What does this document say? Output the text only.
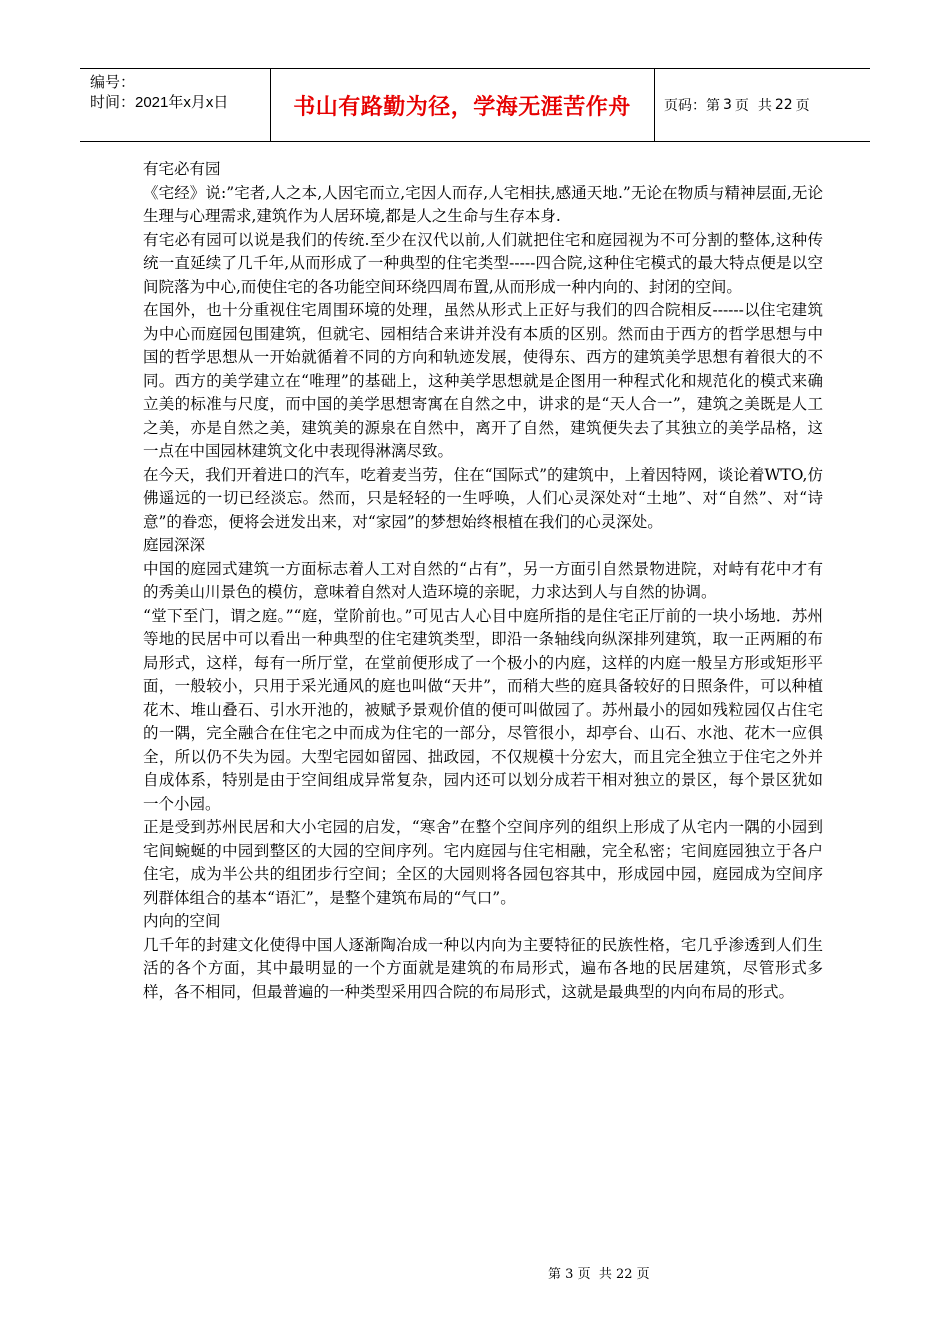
编号：
时间：2021年x月x日	书山有路勤为径，学海无涯苦作舟	页码：第 3 页  共 22 页

有宅必有园

《宅经》说:”宅者,人之本,人因宅而立,宅因人而存,人宅相扶,感通天地.”无论在物质与精神层面,无论生理与心理需求,建筑作为人居环境,都是人之生命与生存本身.

有宅必有园可以说是我们的传统.至少在汉代以前,人们就把住宅和庭园视为不可分割的整体,这种传统一直延续了几千年,从而形成了一种典型的住宅类型-----四合院,这种住宅模式的最大特点便是以空间院落为中心,而使住宅的各功能空间环绕四周布置,从而形成一种内向的、封闭的空间。

在国外，也十分重视住宅周围环境的处理，虽然从形式上正好与我们的四合院相反------以住宅建筑为中心而庭园包围建筑，但就宅、园相结合来讲并没有本质的区别。然而由于西方的哲学思想与中国的哲学思想从一开始就循着不同的方向和轨迹发展，使得东、西方的建筑美学思想有着很大的不同。西方的美学建立在“唯理”的基础上，这种美学思想就是企图用一种程式化和规范化的模式来确立美的标准与尺度，而中国的美学思想寄寓在自然之中，讲求的是“天人合一”，建筑之美既是人工之美，亦是自然之美，建筑美的源泉在自然中，离开了自然，建筑便失去了其独立的美学品格，这一点在中国园林建筑文化中表现得淋漓尽致。

在今天，我们开着进口的汽车，吃着麦当劳，住在“国际式”的建筑中，上着因特网，谈论着WTO,仿佛遥远的一切已经淡忘。然而，只是轻轻的一生呼唤，人们心灵深处对“土地”、对“自然”、对“诗意”的眷恋，便将会迸发出来，对“家园”的梦想始终根植在我们的心灵深处。

庭园深深

中国的庭园式建筑一方面标志着人工对自然的“占有”，另一方面引自然景物进院，对峙有花中才有的秀美山川景色的模仿，意味着自然对人造环境的亲昵，力求达到人与自然的协调。

“堂下至门，谓之庭。”“庭，堂阶前也。”可见古人心目中庭所指的是住宅正厅前的一块小场地．苏州等地的民居中可以看出一种典型的住宅建筑类型，即沿一条轴线向纵深排列建筑，取一正两厢的布局形式，这样，每有一所厅堂，在堂前便形成了一个极小的内庭，这样的内庭一般呈方形或矩形平面，一般较小，只用于采光通风的庭也叫做“天井”，而稍大些的庭具备较好的日照条件，可以种植花木、堆山叠石、引水开池的，被赋予景观价值的便可叫做园了。苏州最小的园如残粒园仅占住宅的一隅，完全融合在住宅之中而成为住宅的一部分，尽管很小，却亭台、山石、水池、花木一应俱全，所以仍不失为园。大型宅园如留园、拙政园，不仅规模十分宏大，而且完全独立于住宅之外并自成体系，特别是由于空间组成异常复杂，园内还可以划分成若干相对独立的景区，每个景区犹如一个小园。

正是受到苏州民居和大小宅园的启发，“寒舍”在整个空间序列的组织上形成了从宅内一隅的小园到宅间蜿蜒的中园到整区的大园的空间序列。宅内庭园与住宅相融，完全私密；宅间庭园独立于各户住宅，成为半公共的组团步行空间；全区的大园则将各园包容其中，形成园中园，庭园成为空间序列群体组合的基本“语汇”，是整个建筑布局的“气口”。

内向的空间

几千年的封建文化使得中国人逐渐陶冶成一种以内向为主要特征的民族性格，宅几乎渗透到人们生活的各个方面，其中最明显的一个方面就是建筑的布局形式，遍布各地的民居建筑，尽管形式多样，各不相同，但最普遍的一种类型采用四合院的布局形式，这就是最典型的内向布局的形式。

第 3 页  共 22 页
